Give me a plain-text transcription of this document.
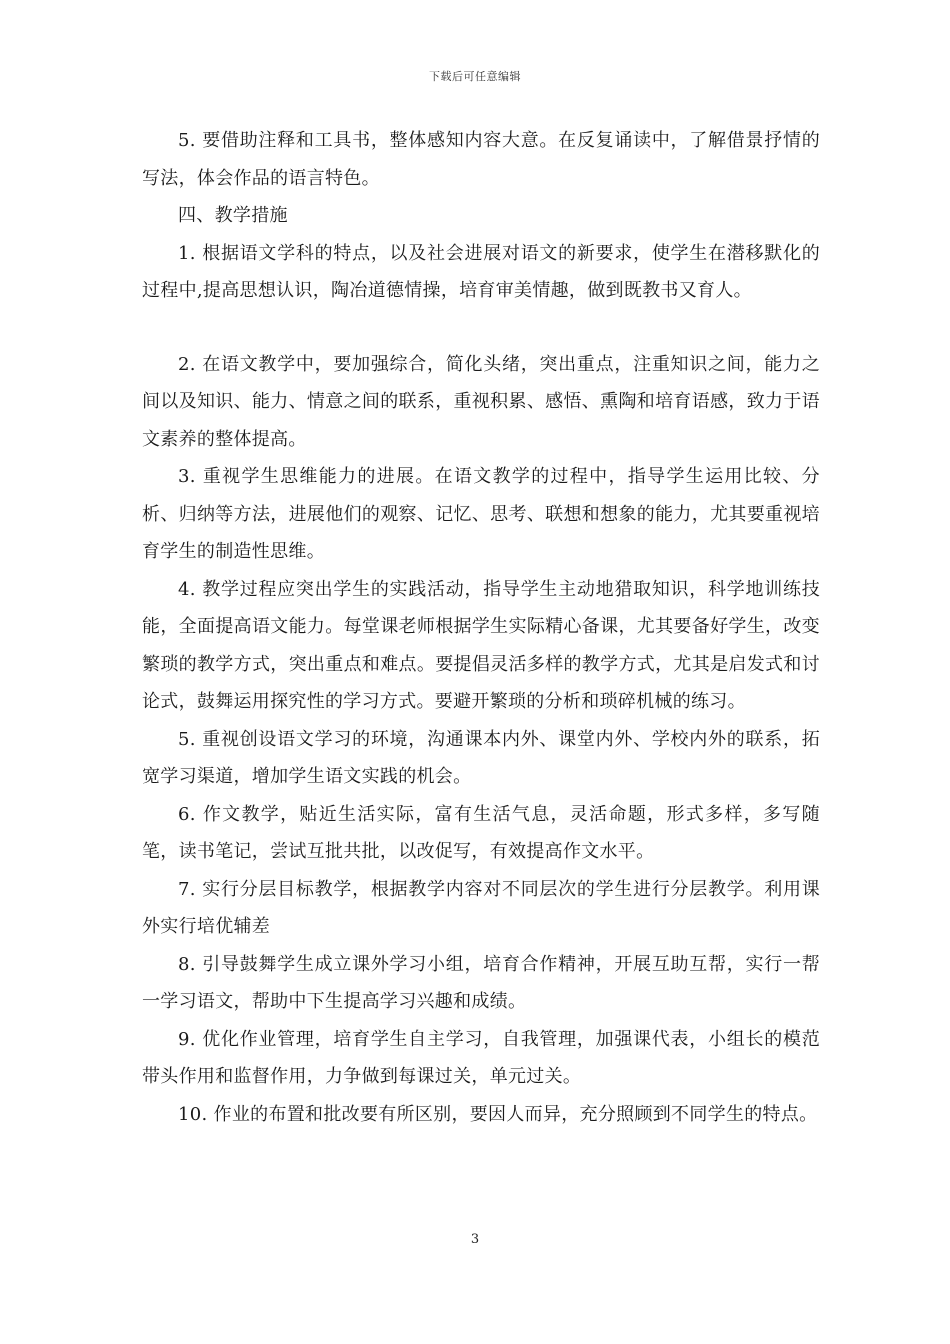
下载后可任意编辑

5. 要借助注释和工具书，整体感知内容大意。在反复诵读中，了解借景抒情的写法，体会作品的语言特色。

四、教学措施

1. 根据语文学科的特点，以及社会进展对语文的新要求，使学生在潜移默化的过程中,提高思想认识，陶冶道德情操，培育审美情趣，做到既教书又育人。

2. 在语文教学中，要加强综合，简化头绪，突出重点，注重知识之间，能力之间以及知识、能力、情意之间的联系，重视积累、感悟、熏陶和培育语感，致力于语文素养的整体提高。

3. 重视学生思维能力的进展。在语文教学的过程中，指导学生运用比较、分析、归纳等方法，进展他们的观察、记忆、思考、联想和想象的能力，尤其要重视培育学生的制造性思维。

4. 教学过程应突出学生的实践活动，指导学生主动地猎取知识，科学地训练技能，全面提高语文能力。每堂课老师根据学生实际精心备课，尤其要备好学生，改变繁琐的教学方式，突出重点和难点。要提倡灵活多样的教学方式，尤其是启发式和讨论式，鼓舞运用探究性的学习方式。要避开繁琐的分析和琐碎机械的练习。

5. 重视创设语文学习的环境，沟通课本内外、课堂内外、学校内外的联系，拓宽学习渠道，增加学生语文实践的机会。

6. 作文教学，贴近生活实际，富有生活气息，灵活命题，形式多样，多写随笔，读书笔记，尝试互批共批，以改促写，有效提高作文水平。

7. 实行分层目标教学，根据教学内容对不同层次的学生进行分层教学。利用课外实行培优辅差

8. 引导鼓舞学生成立课外学习小组，培育合作精神，开展互助互帮，实行一帮一学习语文，帮助中下生提高学习兴趣和成绩。

9. 优化作业管理，培育学生自主学习，自我管理，加强课代表，小组长的模范带头作用和监督作用，力争做到每课过关，单元过关。

10. 作业的布置和批改要有所区别，要因人而异，充分照顾到不同学生的特点。

3
